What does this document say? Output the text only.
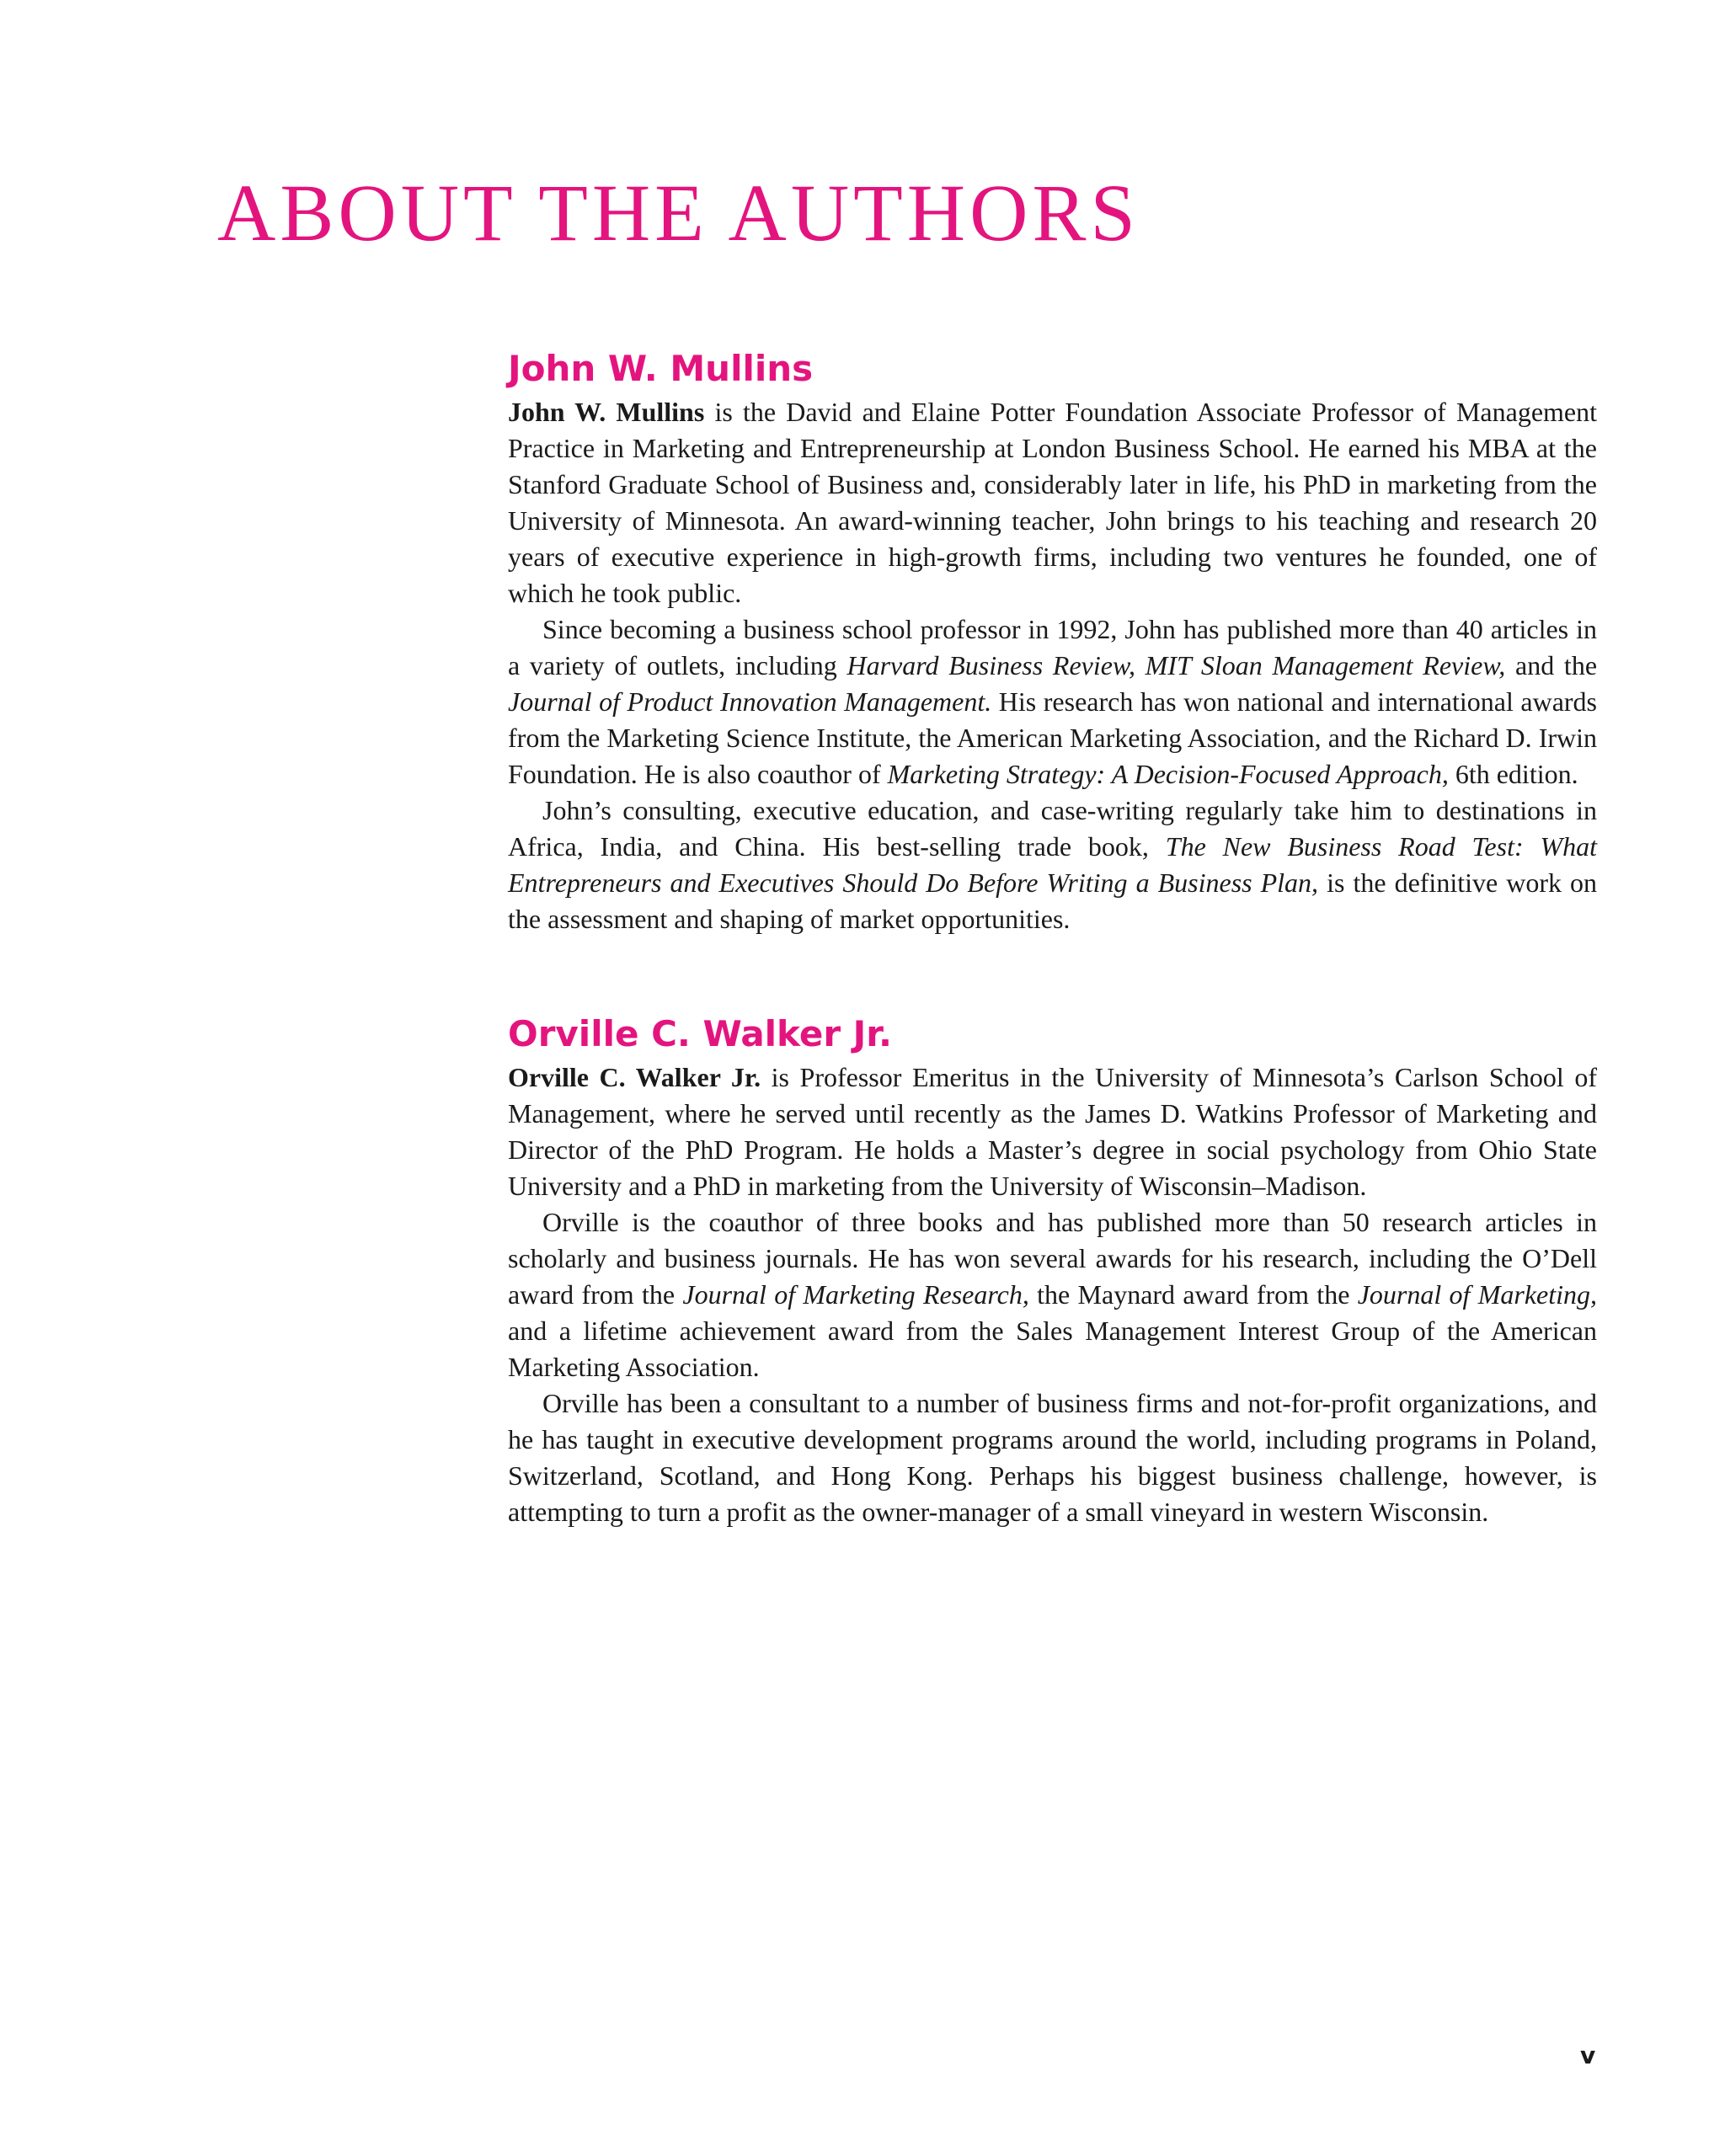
ABOUT THE AUTHORS
John W. Mullins

John W. Mullins is the David and Elaine Potter Foundation Associate Professor of Management Practice in Marketing and Entrepreneurship at London Business School. He earned his MBA at the Stanford Graduate School of Business and, considerably later in life, his PhD in marketing from the University of Minnesota. An award-winning teacher, John brings to his teaching and research 20 years of executive experience in high-growth firms, including two ventures he founded, one of which he took public.

Since becoming a business school professor in 1992, John has published more than 40 articles in a variety of outlets, including Harvard Business Review, MIT Sloan Management Review, and the Journal of Product Innovation Management. His research has won national and international awards from the Marketing Science Institute, the American Marketing Association, and the Richard D. Irwin Foundation. He is also coauthor of Marketing Strategy: A Decision-Focused Approach, 6th edition.

John’s consulting, executive education, and case-writing regularly take him to destinations in Africa, India, and China. His best-selling trade book, The New Business Road Test: What Entrepreneurs and Executives Should Do Before Writing a Business Plan, is the definitive work on the assessment and shaping of market opportunities.

Orville C. Walker Jr.

Orville C. Walker Jr. is Professor Emeritus in the University of Minnesota’s Carlson School of Management, where he served until recently as the James D. Watkins Professor of Marketing and Director of the PhD Program. He holds a Master’s degree in social psychology from Ohio State University and a PhD in marketing from the University of Wisconsin–Madison.

Orville is the coauthor of three books and has published more than 50 research articles in scholarly and business journals. He has won several awards for his research, including the O’Dell award from the Journal of Marketing Research, the Maynard award from the Journal of Marketing, and a lifetime achievement award from the Sales Management Interest Group of the American Marketing Association.

Orville has been a consultant to a number of business firms and not-for-profit organizations, and he has taught in executive development programs around the world, including programs in Poland, Switzerland, Scotland, and Hong Kong. Perhaps his biggest business challenge, however, is attempting to turn a profit as the owner-manager of a small vineyard in western Wisconsin.

v
